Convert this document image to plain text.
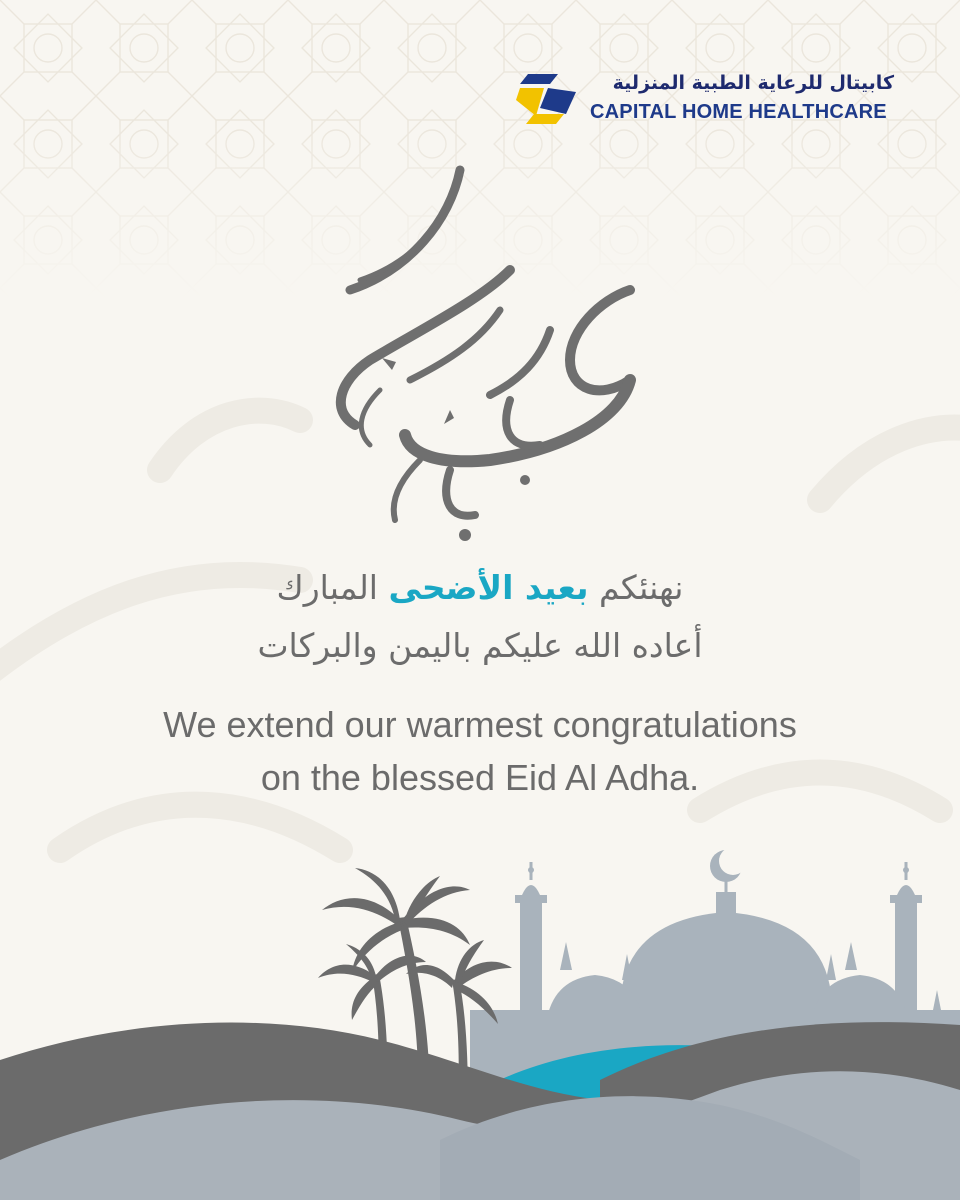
كابيتال للرعاية الطبية المنزلية
CAPITAL HOME HEALTHCARE
نهنئكم بعيد الأضحى المبارك
أعاده الله عليكم باليمن والبركات
We extend our warmest congratulations
on the blessed Eid Al Adha.
